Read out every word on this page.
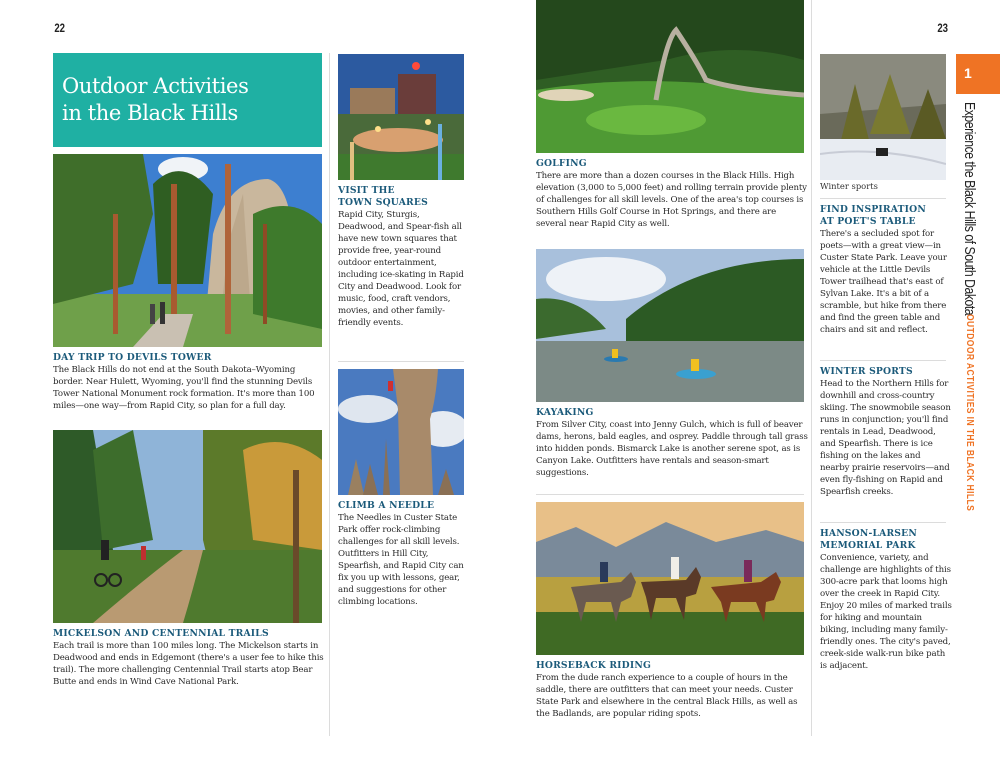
22
Outdoor Activities
in the Black Hills
DAY TRIP TO DEVILS TOWER
The Black Hills do not end at the South Dakota–Wyoming border. Near Hulett, Wyoming, you'll find the stunning Devils Tower National Monument rock formation. It's more than 100 miles—one way—from Rapid City, so plan for a full day.
MICKELSON AND CENTENNIAL TRAILS
Each trail is more than 100 miles long. The Mickelson starts in Deadwood and ends in Edgemont (there's a user fee to hike this trail). The more challenging Centennial Trail starts atop Bear Butte and ends in Wind Cave National Park.
VISIT THE
TOWN SQUARES
Rapid City, Sturgis, Deadwood, and Spear-fish all have new town squares that provide free, year-round outdoor entertainment, including ice-skating in Rapid City and Deadwood. Look for music, food, craft vendors, movies, and other family-friendly events.
CLIMB A NEEDLE
The Needles in Custer State Park offer rock-climbing challenges for all skill levels. Outfitters in Hill City, Spearfish, and Rapid City can fix you up with lessons, gear, and suggestions for other climbing locations.
23
GOLFING
There are more than a dozen courses in the Black Hills. High elevation (3,000 to 5,000 feet) and rolling terrain provide plenty of challenges for all skill levels. One of the area's top courses is Southern Hills Golf Course in Hot Springs, and there are several near Rapid City as well.
KAYAKING
From Silver City, coast into Jenny Gulch, which is full of beaver dams, herons, bald eagles, and osprey. Paddle through tall grass into hidden ponds. Bismarck Lake is another serene spot, as is Canyon Lake. Outfitters have rentals and season-smart suggestions.
HORSEBACK RIDING
From the dude ranch experience to a couple of hours in the saddle, there are outfitters that can meet your needs. Custer State Park and elsewhere in the central Black Hills, as well as the Badlands, are popular riding spots.
Winter sports
FIND INSPIRATION
AT POET'S TABLE
There's a secluded spot for poets—with a great view—in Custer State Park. Leave your vehicle at the Little Devils Tower trailhead that's east of Sylvan Lake. It's a bit of a scramble, but hike from there and find the green table and chairs and sit and reflect.
WINTER SPORTS
Head to the Northern Hills for downhill and cross-country skiing. The snowmobile season runs in conjunction; you'll find rentals in Lead, Deadwood, and Spearfish. There is ice fishing on the lakes and nearby prairie reservoirs—and even fly-fishing on Rapid and Spearfish creeks.
HANSON-LARSEN
MEMORIAL PARK
Convenience, variety, and challenge are highlights of this 300-acre park that looms high over the creek in Rapid City. Enjoy 20 miles of marked trails for hiking and mountain biking, including many family-friendly ones. The city's paved, creek-side walk-run bike path is adjacent.
1
Experience the Black Hills of South Dakota
OUTDOOR ACTIVITIES IN THE BLACK HILLS
